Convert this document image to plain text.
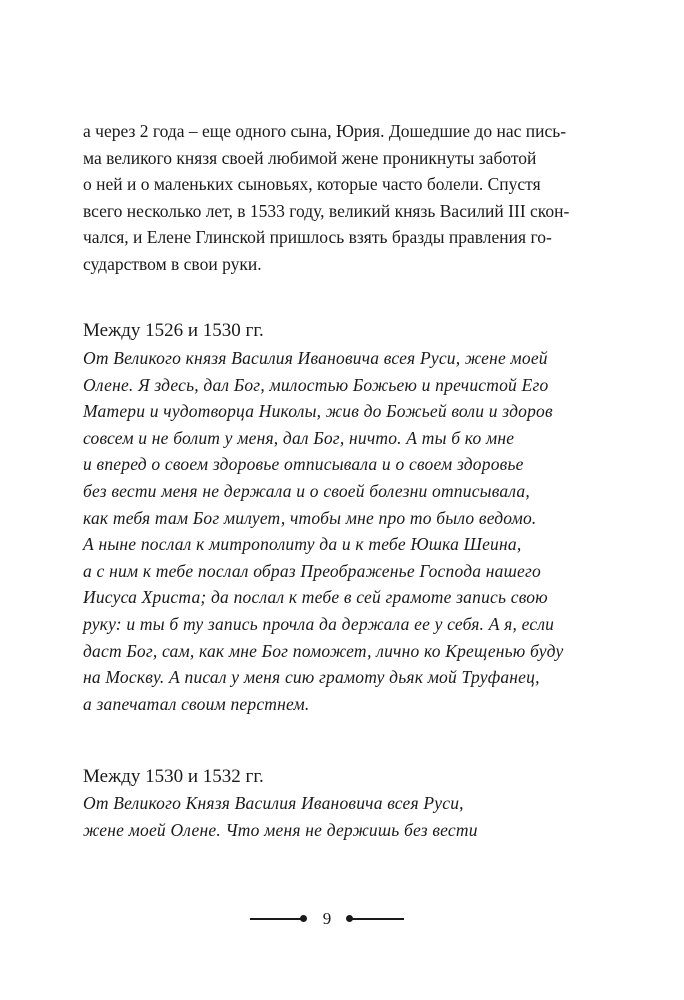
а через 2 года – еще одного сына, Юрия. Дошедшие до нас пись-
ма великого князя своей любимой жене проникнуты заботой
о ней и о маленьких сыновьях, которые часто болели. Спустя
всего несколько лет, в 1533 году, великий князь Василий III скон-
чался, и Елене Глинской пришлось взять бразды правления го-
сударством в свои руки.
Между 1526 и 1530 гг.
От Великого князя Василия Ивановича всея Руси, жене моей
Олене. Я здесь, дал Бог, милостью Божьею и пречистой Его
Матери и чудотворца Николы, жив до Божьей воли и здоров
совсем и не болит у меня, дал Бог, ничто. А ты б ко мне
и вперед о своем здоровье отписывала и о своем здоровье
без вести меня не держала и о своей болезни отписывала,
как тебя там Бог милует, чтобы мне про то было ведомо.
А ныне послал к митрополиту да и к тебе Юшка Шеина,
а с ним к тебе послал образ Преображенье Господа нашего
Иисуса Христа; да послал к тебе в сей грамоте запись свою
руку: и ты б ту запись прочла да держала ее у себя. А я, если
даст Бог, сам, как мне Бог поможет, лично ко Крещенью буду
на Москву. А писал у меня сию грамоту дьяк мой Труфанец,
а запечатал своим перстнем.
Между 1530 и 1532 гг.
От Великого Князя Василия Ивановича всея Руси,
жене моей Олене. Что меня не держишь без вести
9
